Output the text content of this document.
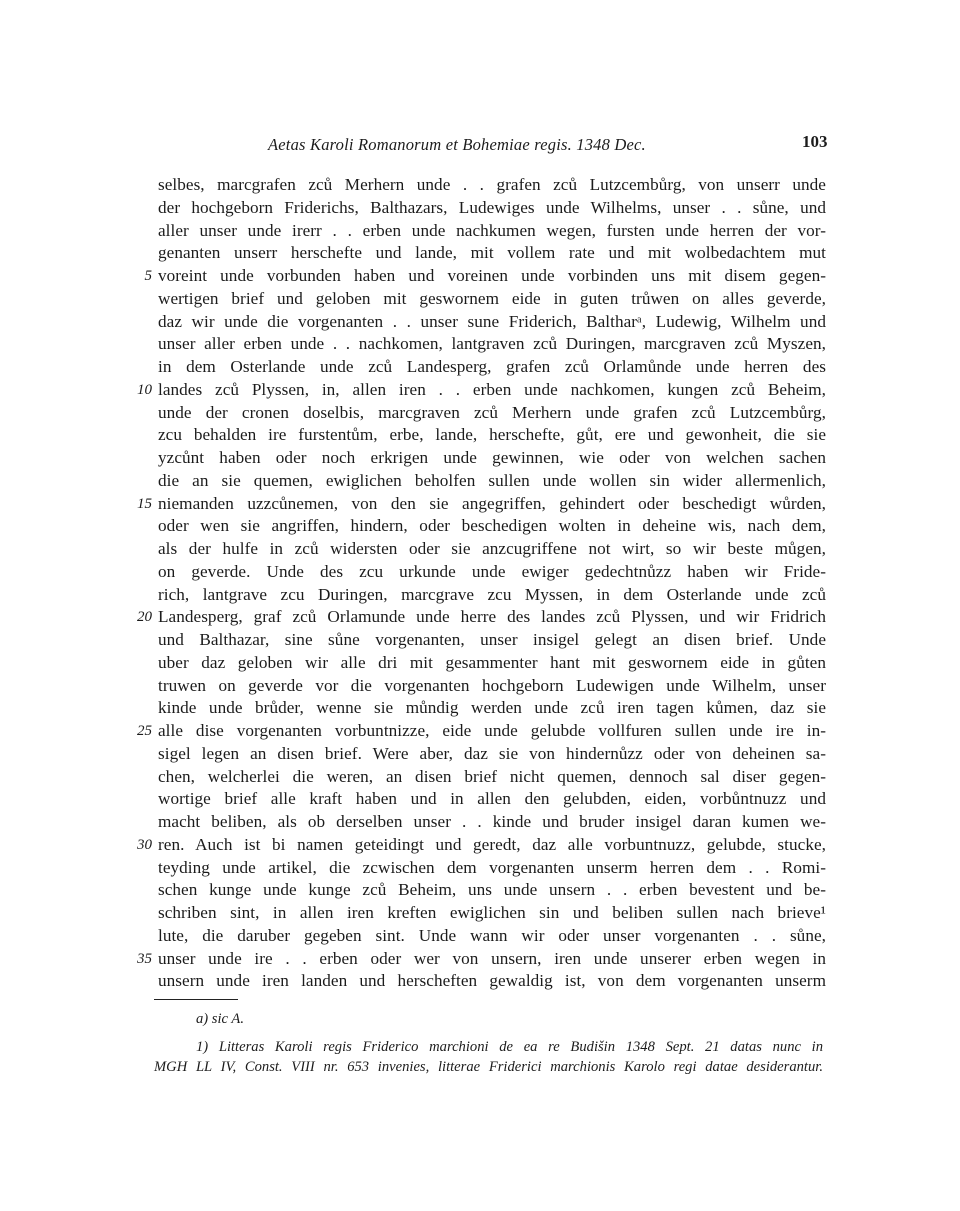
Aetas Karoli Romanorum et Bohemiae regis. 1348 Dec.	103
selbes, marcgrafen zců Merhern unde . . grafen zců Lutzcembůrg, von unserr unde
der hochgeborn Friderichs, Balthazars, Ludewiges unde Wilhelms, unser . . sůne, und
aller unser unde irerr . . erben unde nachkumen wegen, fursten unde herren der vor-
genanten unserr herschefte und lande, mit vollem rate und mit wolbedachtem mut
5 voreint unde vorbunden haben und voreinen unde vorbinden uns mit disem gegen-
wertigen brief und geloben mit geswornem eide in guten trůwen on alles geverde,
daz wir unde die vorgenanten . . unser sune Friderich, Baltharᵃ, Ludewig, Wilhelm und
unser aller erben unde . . nachkomen, lantgraven zců Duringen, marcgraven zců Myszen,
in dem Osterlande unde zců Landesperg, grafen zců Orlamůnde unde herren des
10 landes zců Plyssen, in, allen iren . . erben unde nachkomen, kungen zců Beheim,
unde der cronen doselbis, marcgraven zců Merhern unde grafen zců Lutzcembůrg,
zcu behalden ire furstentům, erbe, lande, herschefte, gůt, ere und gewonheit, die sie
yzcůnt haben oder noch erkrigen unde gewinnen, wie oder von welchen sachen
die an sie quemen, ewiglichen beholfen sullen unde wollen sin wider allermenlich,
15 niemanden uzzcůnemen, von den sie angegriffen, gehindert oder beschedigt wůrden,
oder wen sie angriffen, hindern, oder beschedigen wolten in deheine wis, nach dem,
als der hulfe in zců widersten oder sie anzcugriffene not wirt, so wir beste můgen,
on geverde. Unde des zcu urkunde unde ewiger gedechtnůzz haben wir Fride-
rich, lantgrave zcu Duringen, marcgrave zcu Myssen, in dem Osterlande unde zců
20 Landesperg, graf zců Orlamunde unde herre des landes zců Plyssen, und wir Fridrich
und Balthazar, sine sůne vorgenanten, unser insigel gelegt an disen brief. Unde
uber daz geloben wir alle dri mit gesammenter hant mit geswornem eide in gůten
truwen on geverde vor die vorgenanten hochgeborn Ludewigen unde Wilhelm, unser
kinde unde brůder, wenne sie můndig werden unde zců iren tagen kůmen, daz sie
25 alle dise vorgenanten vorbuntnizze, eide unde gelubde vollfuren sullen unde ire in-
sigel legen an disen brief. Were aber, daz sie von hindernůzz oder von deheinen sa-
chen, welcherlei die weren, an disen brief nicht quemen, dennoch sal diser gegen-
wortige brief alle kraft haben und in allen den gelubden, eiden, vorbůntnuzz und
macht beliben, als ob derselben unser . . kinde und bruder insigel daran kumen we-
30 ren. Auch ist bi namen geteidingt und geredt, daz alle vorbuntnuzz, gelubde, stucke,
teyding unde artikel, die zcwischen dem vorgenanten unserm herren dem . . Romi-
schen kunge unde kunge zců Beheim, uns unde unsern . . erben bevestent und be-
schriben sint, in allen iren kreften ewiglichen sin und beliben sullen nach brieve¹
lute, die daruber gegeben sint. Unde wann wir oder unser vorgenanten . . sůne,
35 unser unde ire . . erben oder wer von unsern, iren unde unserer erben wegen in
unsern unde iren landen und herscheften gewaldig ist, von dem vorgenanten unserm
a) sic A.
1) Litteras Karoli regis Friderico marchioni de ea re Budišin 1348 Sept. 21 datas nunc in
MGH LL IV, Const. VIII nr. 653 invenies, litterae Friderici marchionis Karolo regi datae desiderantur.
